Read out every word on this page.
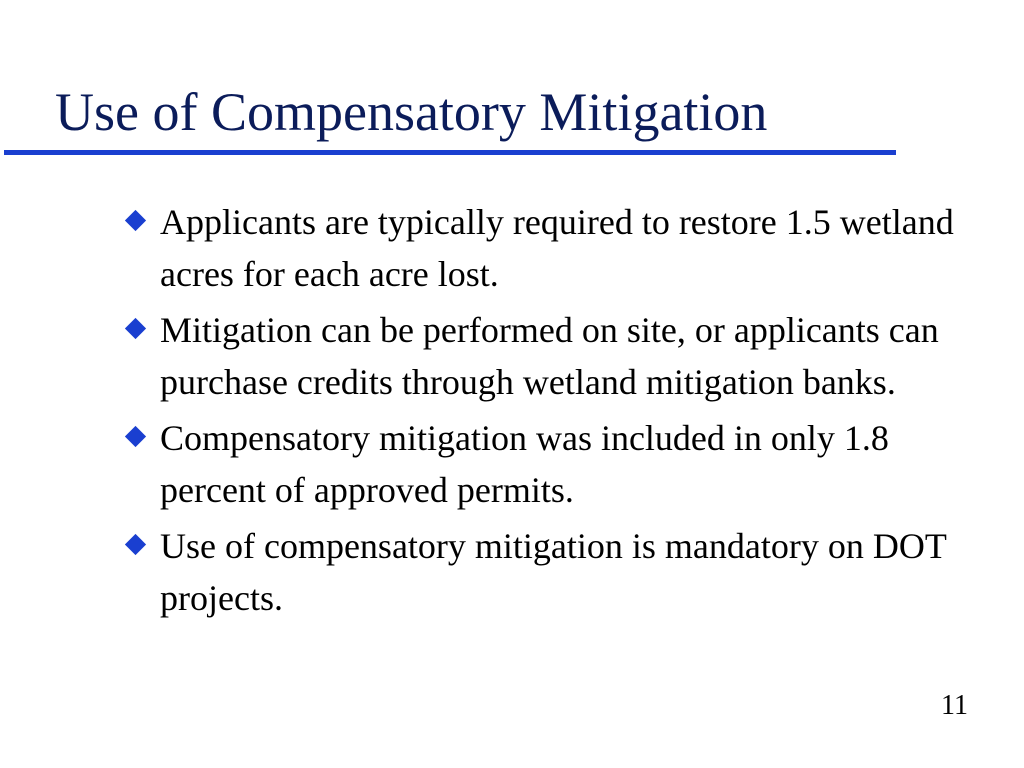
Use of Compensatory Mitigation
Applicants are typically required to restore 1.5 wetland acres for each acre lost.
Mitigation can be performed on site, or applicants can purchase credits through wetland mitigation banks.
Compensatory mitigation was included in only 1.8 percent of approved permits.
Use of compensatory mitigation is mandatory on DOT projects.
11
